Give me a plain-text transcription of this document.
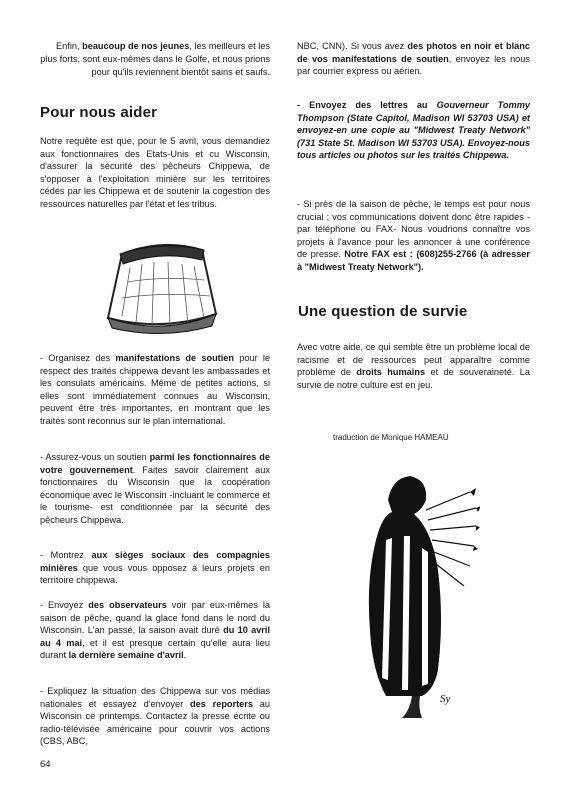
Enfin, beaucoup de nos jeunes, les meilleurs et les plus forts, sont eux-mêmes dans le Golfe, et nous prions pour qu'ils reviennent bientôt sains et saufs.

Pour nous aider

Notre requête est que, pour le 5 avril, vous demandiez aux fonctionnaires des Etats-Unis et cu Wisconsin, d'assurer la sécurité des pêcheurs Chippewa, de s'opposer à l'exploitation minière sur les territoires cédés par les Chippewa et de soutenir la cogestion des ressources naturelles par l'état et les tribus.

- Organisez des manifestations de soutien pour le respect des traités chippewa devant les ambassades et les consulats américains. Même de petites actions, si elles sont immédiatement connues au Wisconsin, peuvent être très importantes, en montrant que les traités sont reconnus sur le plan international.

- Assurez-vous un soutien parmi les fonctionnaires de votre gouvernement. Faites savoir clairement aux fonctionnaires du Wisconsin que la coopération économique avec le Wisconsin -incluant le commerce et le tourisme- est conditionnée par la sécurité des pêcheurs Chippewa.

- Montrez aux sièges sociaux des compagnies minières que vous vous opposez à leurs projets en territoire chippewa.

- Envoyez des observateurs voir par eux-mêmes la saison de pêche, quand la glace fond dans le nord du Wisconsin. L'an passé, la saison avait duré du 10 avril au 4 mai, et il est presque certain qu'elle aura lieu durant la dernière semaine d'avril.

- Expliquez la situation des Chippewa sur vos médias nationales et essayez d'envoyer des reporters au Wisconsin ce printemps. Contactez la presse écrite ou radio-télévisée américaine pour couvrir vos actions (CBS, ABC,

NBC, CNN). Si vous avez des photos en noir et blanc de vos manifestations de soutien, envoyez les nous par courrier express ou aérien.

- Envoyez des lettres au Gouverneur Tommy Thompson (State Capitol, Madison WI 53703 USA) et envoyez-en une copie au "Midwest Treaty Network" (731 State St. Madison WI 53703 USA). Envoyez-nous tous articles ou photos sur les traités Chippewa.

- Si près de la saison de pêche, le temps est pour nous crucial ; vos communications doivent donc être rapides -par téléphone ou FAX- Nous voudrions connaître vos projets à l'avance pour les annoncer à une conférence de presse. Notre FAX est : (608)255-2766 (à adresser à "Midwest Treaty Network").

Une question de survie

Avec votre aide, ce qui semble être un problème local de racisme et de ressources peut apparaître comme problème de droits humains et de souveraineté. La survie de notre culture est en jeu.

traduction de Monique HAMEAU
Sy
64
